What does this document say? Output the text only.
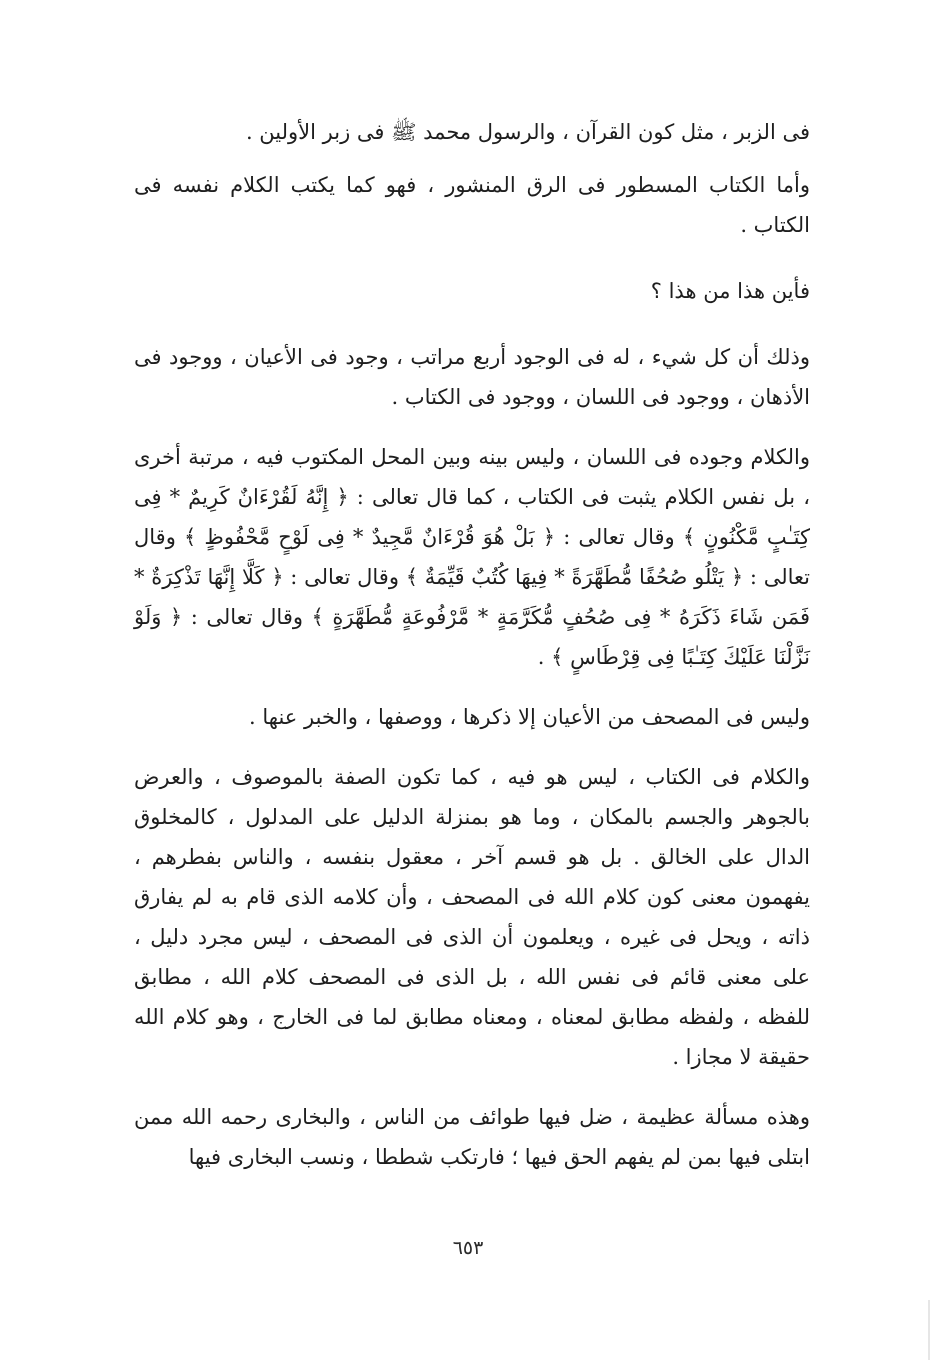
فى الزبر ، مثل كون القرآن ، والرسول محمد ﷺ فى زبر الأولين .

وأما الكتاب المسطور فى الرق المنشور ، فهو كما يكتب الكلام نفسه فى الكتاب .

فأين هذا من هذا ؟

وذلك أن كل شيء ، له فى الوجود أربع مراتب ، وجود فى الأعيان ، ووجود فى الأذهان ، ووجود فى اللسان ، ووجود فى الكتاب .

والكلام وجوده فى اللسان ، وليس بينه وبين المحل المكتوب فيه ، مرتبة أخرى ، بل نفس الكلام يثبت فى الكتاب ، كما قال تعالى : ﴿ إِنَّهُ لَقُرْءَانٌ كَرِيمٌ * فِى كِتَـٰبٍ مَّكْنُونٍ ﴾ وقال تعالى : ﴿ بَلْ هُوَ قُرْءَانٌ مَّجِيدٌ * فِى لَوْحٍ مَّحْفُوظٍ ﴾ وقال تعالى : ﴿ يَتْلُو صُحُفًا مُّطَهَّرَةً * فِيهَا كُتُبٌ قَيِّمَةٌ ﴾ وقال تعالى : ﴿ كَلَّا إِنَّهَا تَذْكِرَةٌ * فَمَن شَاءَ ذَكَرَهُ * فِى صُحُفٍ مُّكَرَّمَةٍ * مَّرْفُوعَةٍ مُّطَهَّرَةٍ ﴾ وقال تعالى : ﴿ وَلَوْ نَزَّلْنَا عَلَيْكَ كِتَـٰبًا فِى قِرْطَاسٍ ﴾ .

وليس فى المصحف من الأعيان إلا ذكرها ، ووصفها ، والخبر عنها .

والكلام فى الكتاب ، ليس هو فيه ، كما تكون الصفة بالموصوف ، والعرض بالجوهر والجسم بالمكان ، وما هو بمنزلة الدليل على المدلول ، كالمخلوق الدال على الخالق . بل هو قسم آخر ، معقول بنفسه ، والناس بفطرهم ، يفهمون معنى كون كلام الله فى المصحف ، وأن كلامه الذى قام به لم يفارق ذاته ، ويحل فى غيره ، ويعلمون أن الذى فى المصحف ، ليس مجرد دليل ، على معنى قائم فى نفس الله ، بل الذى فى المصحف كلام الله ، مطابق للفظه ، ولفظه مطابق لمعناه ، ومعناه مطابق لما فى الخارج ، وهو كلام الله حقيقة لا مجازا .

وهذه مسألة عظيمة ، ضل فيها طوائف من الناس ، والبخارى رحمه الله ممن ابتلى فيها بمن لم يفهم الحق فيها ؛ فارتكب شططا ، ونسب البخارى فيها

٦٥٣
